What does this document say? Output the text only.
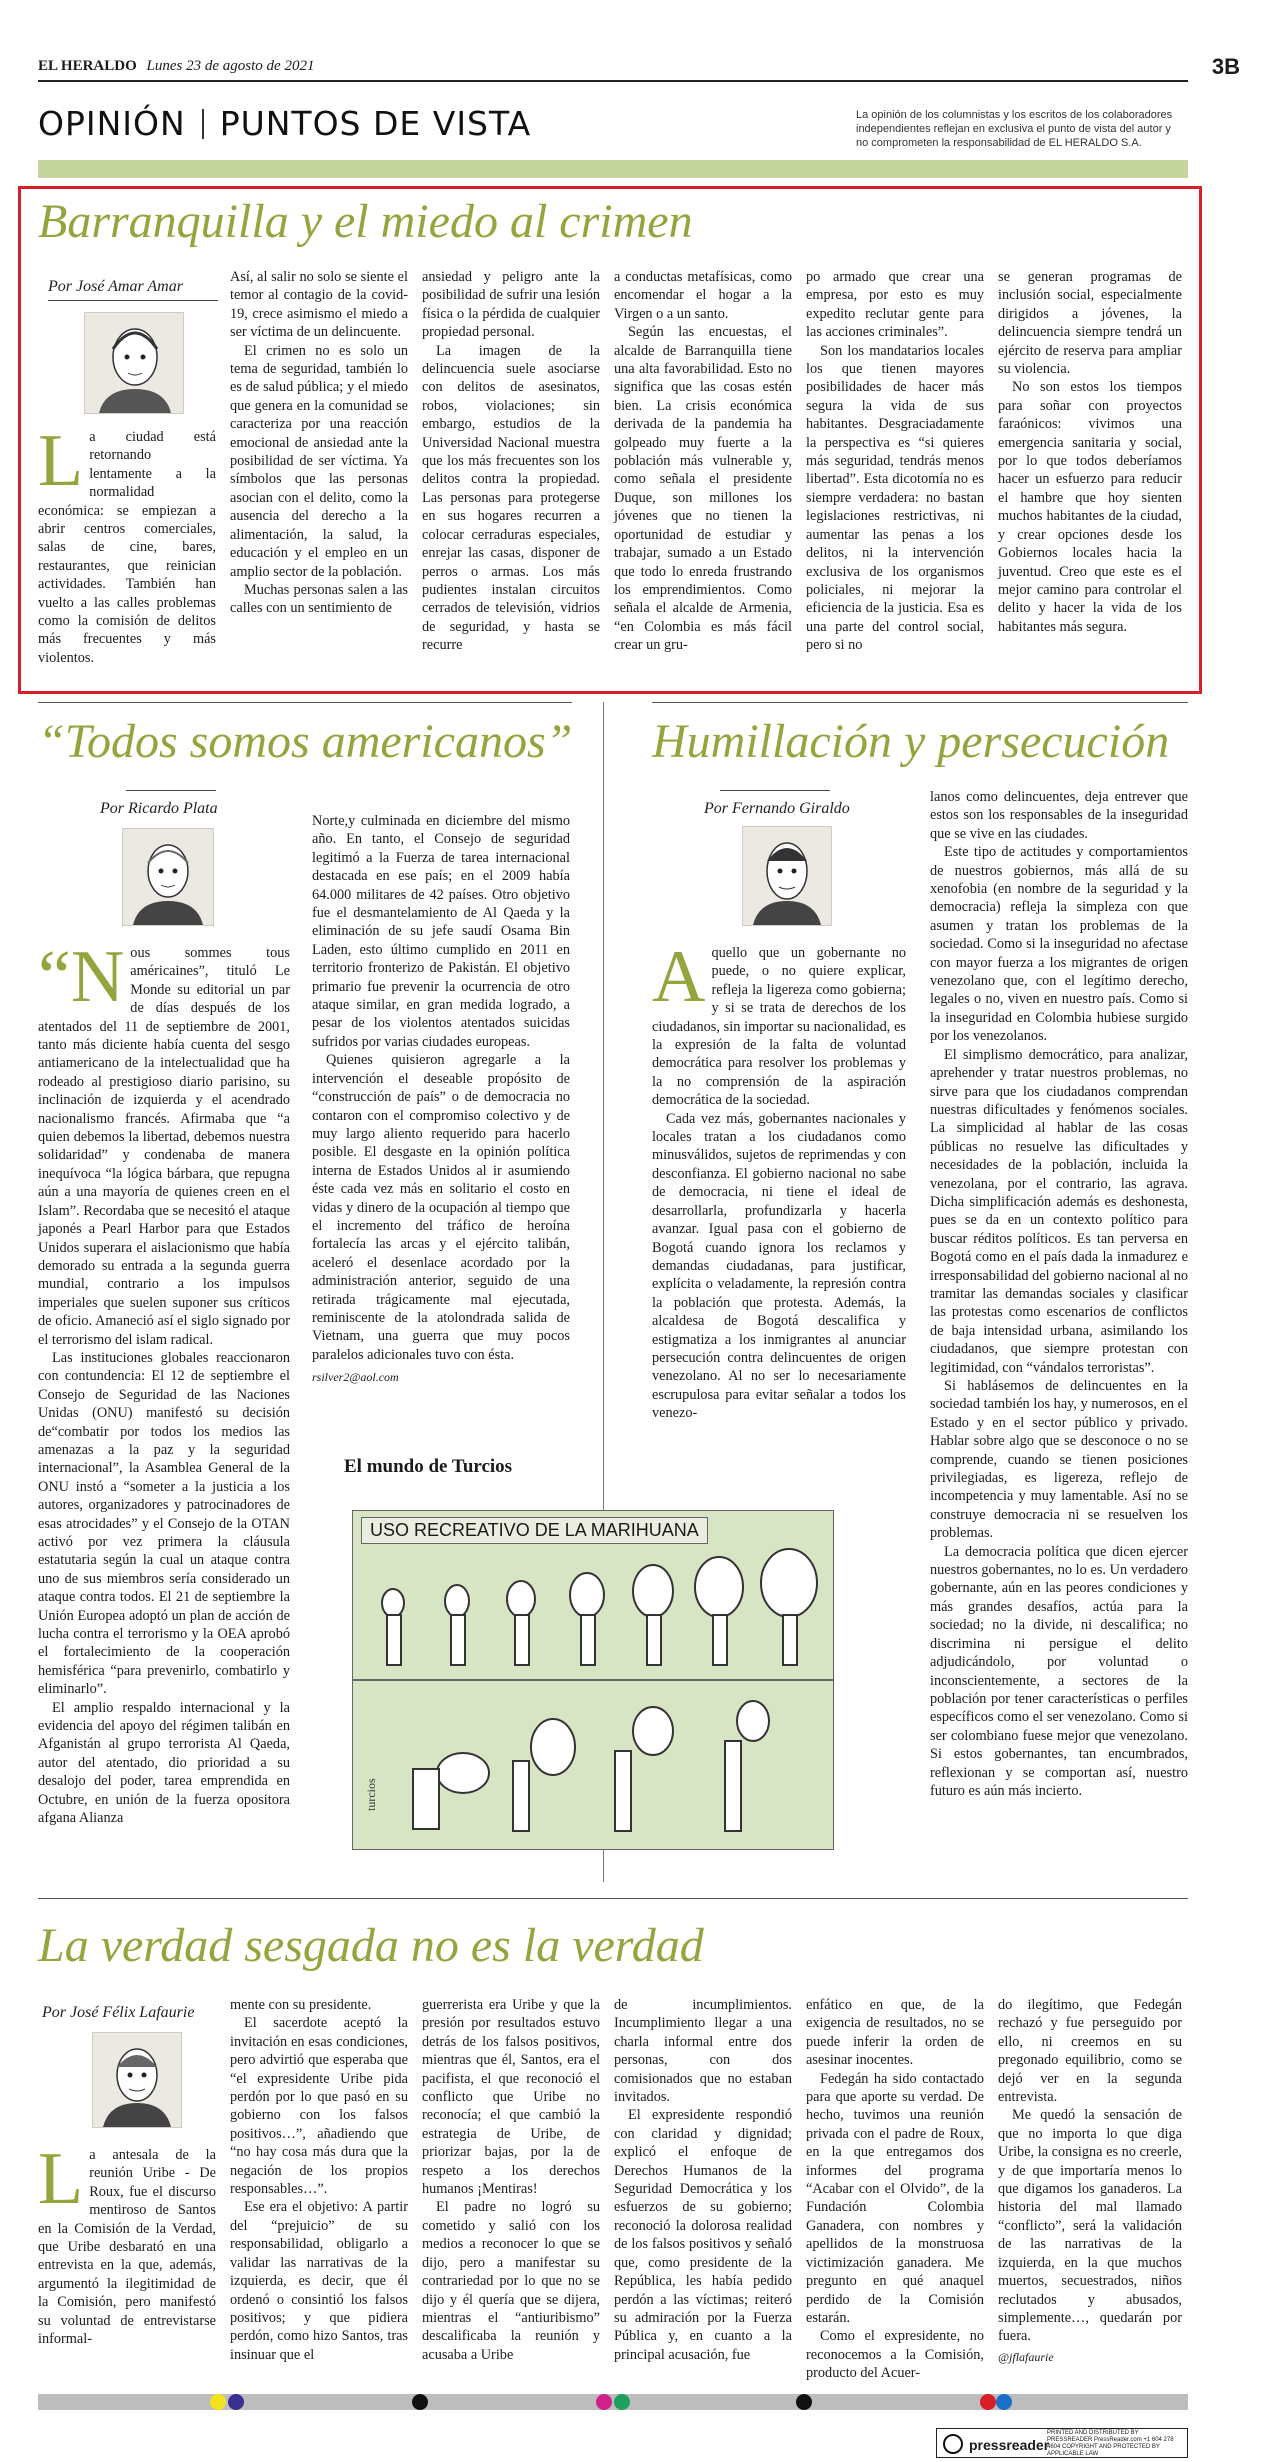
EL HERALDO Lunes 23 de agosto de 2021	3B
OPINIÓN PUNTOS DE VISTA	La opinión de los columnistas y los escritos de los colaboradores independientes reflejan en exclusiva el punto de vista del autor y no comprometen la responsabilidad de EL HERALDO S.A.
Barranquilla y el miedo al crimen
Por José Amar Amar
L a ciudad está retornando lentamente a la normalidad económica: se empiezan a abrir centros comerciales, salas de cine, bares, restaurantes, que reinician actividades. También han vuelto a las calles problemas como la comisión de delitos más frecuentes y más violentos.

Así, al salir no solo se siente el temor al contagio de la covid-19, crece asimismo el miedo a ser víctima de un delincuente.

El crimen no es solo un tema de seguridad, también lo es de salud pública; y el miedo que genera en la comunidad se caracteriza por una reacción emocional de ansiedad ante la posibilidad de ser víctima. Ya símbolos que las personas asocian con el delito, como la ausencia del derecho a la alimentación, la salud, la educación y el empleo en un amplio sector de la población.

Muchas personas salen a las calles con un sentimiento de

ansiedad y peligro ante la posibilidad de sufrir una lesión física o la pérdida de cualquier propiedad personal.

La imagen de la delincuencia suele asociarse con delitos de asesinatos, robos, violaciones; sin embargo, estudios de la Universidad Nacional muestra que los más frecuentes son los delitos contra la propiedad. Las personas para protegerse en sus hogares recurren a colocar cerraduras especiales, enrejar las casas, disponer de perros o armas. Los más pudientes instalan circuitos cerrados de televisión, vidrios de seguridad, y hasta se recurre

a conductas metafísicas, como encomendar el hogar a la Virgen o a un santo.

Según las encuestas, el alcalde de Barranquilla tiene una alta favorabilidad. Esto no significa que las cosas estén bien. La crisis económica derivada de la pandemia ha golpeado muy fuerte a la población más vulnerable y, como señala el presidente Duque, son millones los jóvenes que no tienen la oportunidad de estudiar y trabajar, sumado a un Estado que todo lo enreda frustrando los emprendimientos. Como señala el alcalde de Armenia, “en Colombia es más fácil crear un gru-

po armado que crear una empresa, por esto es muy expedito reclutar gente para las acciones criminales”.

Son los mandatarios locales los que tienen mayores posibilidades de hacer más segura la vida de sus habitantes. Desgraciadamente la perspectiva es “si quieres más seguridad, tendrás menos libertad”. Esta dicotomía no es siempre verdadera: no bastan legislaciones restrictivas, ni aumentar las penas a los delitos, ni la intervención exclusiva de los organismos policiales, ni mejorar la eficiencia de la justicia. Esa es una parte del control social, pero si no

se generan programas de inclusión social, especialmente dirigidos a jóvenes, la delincuencia siempre tendrá un ejército de reserva para ampliar su violencia.

No son estos los tiempos para soñar con proyectos faraónicos: vivimos una emergencia sanitaria y social, por lo que todos deberíamos hacer un esfuerzo para reducir el hambre que hoy sienten muchos habitantes de la ciudad, y crear opciones desde los Gobiernos locales hacia la juventud. Creo que este es el mejor camino para controlar el delito y hacer la vida de los habitantes más segura.

“Todos somos americanos”
Por Ricardo Plata
“N ous sommes tous américaines”, tituló Le Monde su editorial un par de días después de los atentados del 11 de septiembre de 2001, tanto más diciente había cuenta del sesgo antiamericano de la intelectualidad que ha rodeado al prestigioso diario parisino, su inclinación de izquierda y el acendrado nacionalismo francés. Afirmaba que “a quien debemos la libertad, debemos nuestra solidaridad” y condenaba de manera inequívoca “la lógica bárbara, que repugna aún a una mayoría de quienes creen en el Islam”. Recordaba que se necesitó el ataque japonés a Pearl Harbor para que Estados Unidos superara el aislacionismo que había demorado su entrada a la segunda guerra mundial, contrario a los impulsos imperiales que suelen suponer sus críticos de oficio. Amaneció así el siglo signado por el terrorismo del islam radical.

Las instituciones globales reaccionaron con contundencia: El 12 de septiembre el Consejo de Seguridad de las Naciones Unidas (ONU) manifestó su decisión de“combatir por todos los medios las amenazas a la paz y la seguridad internacional”, la Asamblea General de la ONU instó a “someter a la justicia a los autores, organizadores y patrocinadores de esas atrocidades” y el Consejo de la OTAN activó por vez primera la cláusula estatutaria según la cual un ataque contra uno de sus miembros sería considerado un ataque contra todos. El 21 de septiembre la Unión Europea adoptó un plan de acción de lucha contra el terrorismo y la OEA aprobó el fortalecimiento de la cooperación hemisférica “para prevenirlo, combatirlo y eliminarlo”.

El amplio respaldo internacional y la evidencia del apoyo del régimen talibán en Afganistán al grupo terrorista Al Qaeda, autor del atentado, dio prioridad a su desalojo del poder, tarea emprendida en Octubre, en unión de la fuerza opositora afgana Alianza

Norte,y culminada en diciembre del mismo año. En tanto, el Consejo de seguridad legitimó a la Fuerza de tarea internacional destacada en ese país; en el 2009 había 64.000 militares de 42 países. Otro objetivo fue el desmantelamiento de Al Qaeda y la eliminación de su jefe saudí Osama Bin Laden, esto último cumplido en 2011 en territorio fronterizo de Pakistán. El objetivo primario fue prevenir la ocurrencia de otro ataque similar, en gran medida logrado, a pesar de los violentos atentados suicidas sufridos por varias ciudades europeas.

Quienes quisieron agregarle a la intervención el deseable propósito de “construcción de país” o de democracia no contaron con el compromiso colectivo y de muy largo aliento requerido para hacerlo posible. El desgaste en la opinión política interna de Estados Unidos al ir asumiendo éste cada vez más en solitario el costo en vidas y dinero de la ocupación al tiempo que el incremento del tráfico de heroína fortalecía las arcas y el ejército talibán, aceleró el desenlace acordado por la administración anterior, seguido de una retirada trágicamente mal ejecutada, reminiscente de la atolondrada salida de Vietnam, una guerra que muy pocos paralelos adicionales tuvo con ésta.

rsilver2@aol.com

El mundo de Turcios
USO RECREATIVO DE LA MARIHUANA
turcios
Humillación y persecución
Por Fernando Giraldo
A quello que un gobernante no puede, o no quiere explicar, refleja la ligereza como gobierna; y si se trata de derechos de los ciudadanos, sin importar su nacionalidad, es la expresión de la falta de voluntad democrática para resolver los problemas y la no comprensión de la aspiración democrática de la sociedad.

Cada vez más, gobernantes nacionales y locales tratan a los ciudadanos como minusválidos, sujetos de reprimendas y con desconfianza. El gobierno nacional no sabe de democracia, ni tiene el ideal de desarrollarla, profundizarla y hacerla avanzar. Igual pasa con el gobierno de Bogotá cuando ignora los reclamos y demandas ciudadanas, para justificar, explícita o veladamente, la represión contra la población que protesta. Además, la alcaldesa de Bogotá descalifica y estigmatiza a los inmigrantes al anunciar persecución contra delincuentes de origen venezolano. Al no ser lo necesariamente escrupulosa para evitar señalar a todos los venezo-

lanos como delincuentes, deja entrever que estos son los responsables de la inseguridad que se vive en las ciudades.

Este tipo de actitudes y comportamientos de nuestros gobiernos, más allá de su xenofobia (en nombre de la seguridad y la democracia) refleja la simpleza con que asumen y tratan los problemas de la sociedad. Como si la inseguridad no afectase con mayor fuerza a los migrantes de origen venezolano que, con el legítimo derecho, legales o no, viven en nuestro país. Como si la inseguridad en Colombia hubiese surgido por los venezolanos.

El simplismo democrático, para analizar, aprehender y tratar nuestros problemas, no sirve para que los ciudadanos comprendan nuestras dificultades y fenómenos sociales. La simplicidad al hablar de las cosas públicas no resuelve las dificultades y necesidades de la población, incluida la venezolana, por el contrario, las agrava. Dicha simplificación además es deshonesta, pues se da en un contexto político para buscar réditos políticos. Es tan perversa en Bogotá como en el país dada la inmadurez e irresponsabilidad del gobierno nacional al no tramitar las demandas sociales y clasificar las protestas como escenarios de conflictos de baja intensidad urbana, asimilando los ciudadanos, que siempre protestan con legitimidad, con “vándalos terroristas”.

Si hablásemos de delincuentes en la sociedad también los hay, y numerosos, en el Estado y en el sector público y privado. Hablar sobre algo que se desconoce o no se comprende, cuando se tienen posiciones privilegiadas, es ligereza, reflejo de incompetencia y muy lamentable. Así no se construye democracia ni se resuelven los problemas.

La democracia política que dicen ejercer nuestros gobernantes, no lo es. Un verdadero gobernante, aún en las peores condiciones y más grandes desafíos, actúa para la sociedad; no la divide, ni descalifica; no discrimina ni persigue el delito adjudicándolo, por voluntad o inconscientemente, a sectores de la población por tener características o perfiles específicos como el ser venezolano. Como si ser colombiano fuese mejor que venezolano. Si estos gobernantes, tan encumbrados, reflexionan y se comportan así, nuestro futuro es aún más incierto.

La verdad sesgada no es la verdad
Por José Félix Lafaurie
L a antesala de la reunión Uribe - De Roux, fue el discurso mentiroso de Santos en la Comisión de la Verdad, que Uribe desbarató en una entrevista en la que, además, argumentó la ilegitimidad de la Comisión, pero manifestó su voluntad de entrevistarse informal-

mente con su presidente.

El sacerdote aceptó la invitación en esas condiciones, pero advirtió que esperaba que “el expresidente Uribe pida perdón por lo que pasó en su gobierno con los falsos positivos…”, añadiendo que “no hay cosa más dura que la negación de los propios responsables…”.

Ese era el objetivo: A partir del “prejuicio” de su responsabilidad, obligarlo a validar las narrativas de la izquierda, es decir, que él ordenó o consintió los falsos positivos; y que pidiera perdón, como hizo Santos, tras insinuar que el

guerrerista era Uribe y que la presión por resultados estuvo detrás de los falsos positivos, mientras que él, Santos, era el pacifista, el que reconoció el conflicto que Uribe no reconocía; el que cambió la estrategia de Uribe, de priorizar bajas, por la de respeto a los derechos humanos ¡Mentiras!

El padre no logró su cometido y salió con los medios a reconocer lo que se dijo, pero a manifestar su contrariedad por lo que no se dijo y él quería que se dijera, mientras el “antiuribismo” descalificaba la reunión y acusaba a Uribe

de incumplimientos. Incumplimiento llegar a una charla informal entre dos personas, con dos comisionados que no estaban invitados.

El expresidente respondió con claridad y dignidad; explicó el enfoque de Derechos Humanos de la Seguridad Democrática y los esfuerzos de su gobierno; reconoció la dolorosa realidad de los falsos positivos y señaló que, como presidente de la República, les había pedido perdón a las víctimas; reiteró su admiración por la Fuerza Pública y, en cuanto a la principal acusación, fue

enfático en que, de la exigencia de resultados, no se puede inferir la orden de asesinar inocentes.

Fedegán ha sido contactado para que aporte su verdad. De hecho, tuvimos una reunión privada con el padre de Roux, en la que entregamos dos informes del programa “Acabar con el Olvido”, de la Fundación Colombia Ganadera, con nombres y apellidos de la monstruosa victimización ganadera. Me pregunto en qué anaquel perdido de la Comisión estarán.

Como el expresidente, no reconocemos a la Comisión, producto del Acuer-

do ilegítimo, que Fedegán rechazó y fue perseguido por ello, ni creemos en su pregonado equilibrio, como se dejó ver en la segunda entrevista.

Me quedó la sensación de que no importa lo que diga Uribe, la consigna es no creerle, y de que importaría menos lo que digamos los ganaderos. La historia del mal llamado “conflicto”, será la validación de las narrativas de la izquierda, en la que muchos muertos, secuestrados, niños reclutados y abusados, simplemente…, quedarán por fuera.

@jflafaurie

pressreader
PRINTED AND DISTRIBUTED BY PRESSREADER PressReader.com +1 604 278 4604 COPYRIGHT AND PROTECTED BY APPLICABLE LAW
